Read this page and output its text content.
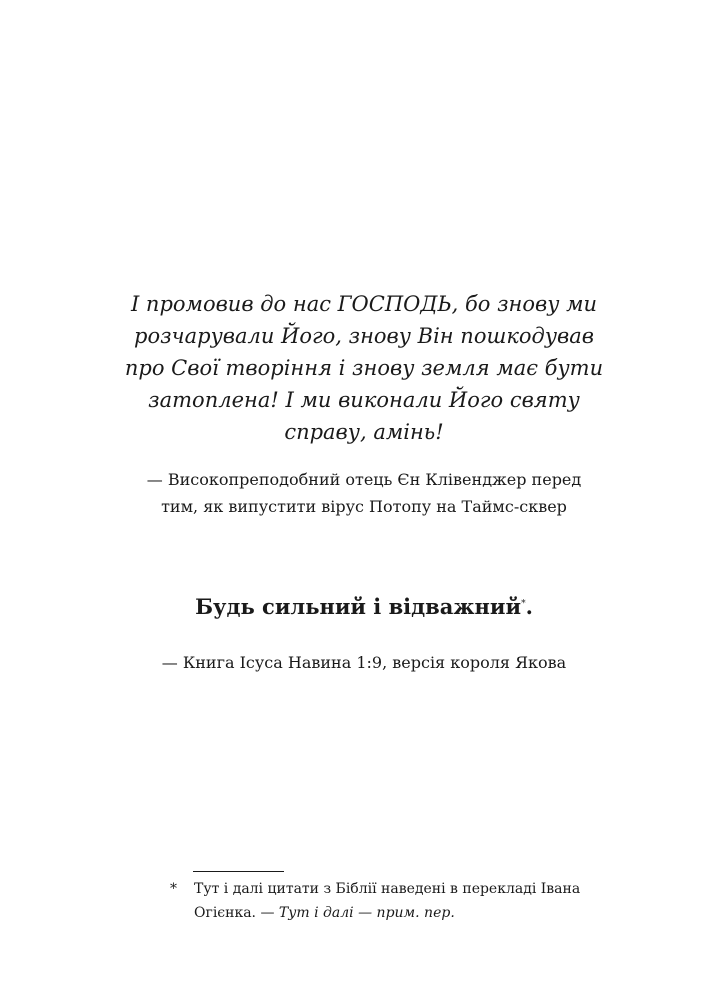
І промовив до нас ГОСПОДЬ, бо знову ми
розчарували Його, знову Він пошкодував
про Свої творіння і знову земля має бути
затоплена! І ми виконали Його святу
справу, амінь!

— Високопреподобний отець Єн Клівенджер перед
тим, як випустити вірус Потопу на Таймс-сквер

Будь сильний і відважний*.

— Книга Ісуса Навина 1:9, версія короля Якова

*	Тут і далі цитати з Біблії наведені в перекладі Івана Огієнка. — Тут і далі — прим. пер.
